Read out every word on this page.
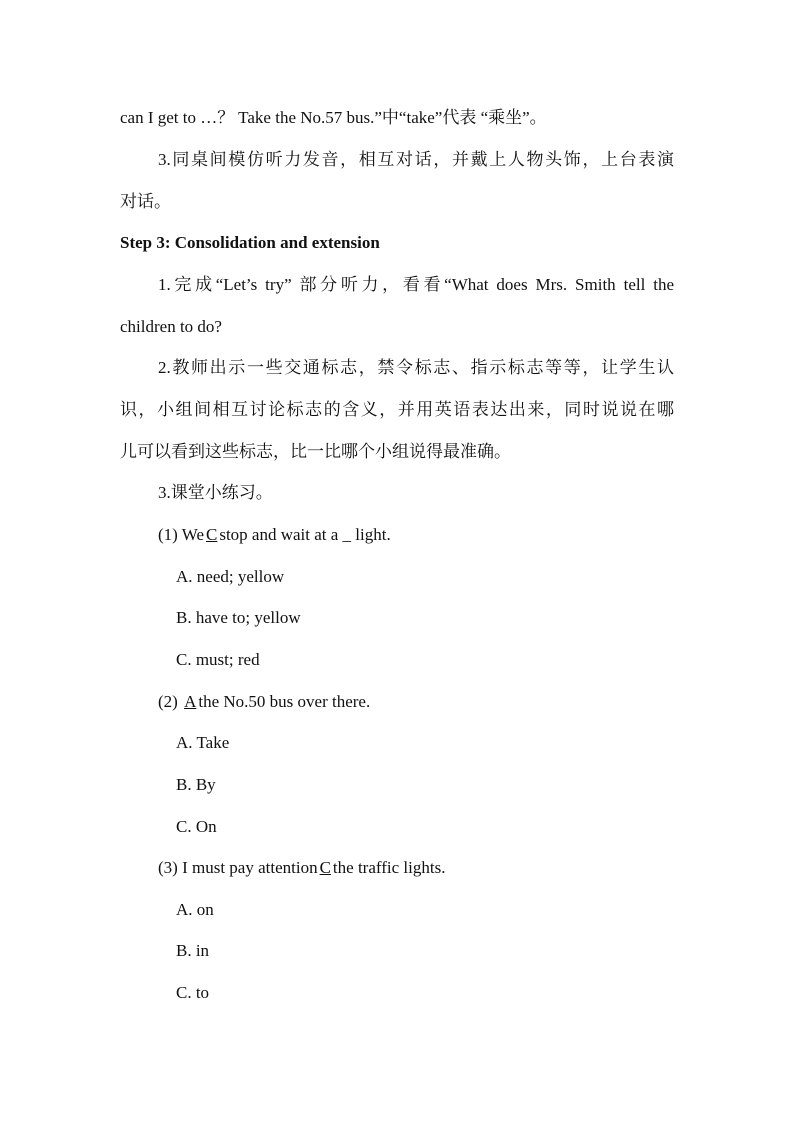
can I get to …？ Take the No.57 bus.”中“take”代表 “乘坐”。
3.同桌间模仿听力发音，相互对话，并戴上人物头饰，上台表演
对话。
Step 3: Consolidation and extension
1.完成“Let’s try” 部分听力，看看“What does Mrs. Smith tell the
children to do?
2.教师出示一些交通标志，禁令标志、指示标志等等，让学生认
识，小组间相互讨论标志的含义，并用英语表达出来，同时说说在哪
儿可以看到这些标志，比一比哪个小组说得最准确。
3.课堂小练习。
(1) We C stop and wait at a _ light.
A. need; yellow
B. have to; yellow
C. must; red
(2) A the No.50 bus over there.
A. Take
B. By
C. On
(3) I must pay attention C the traffic lights.
A. on
B. in
C. to
